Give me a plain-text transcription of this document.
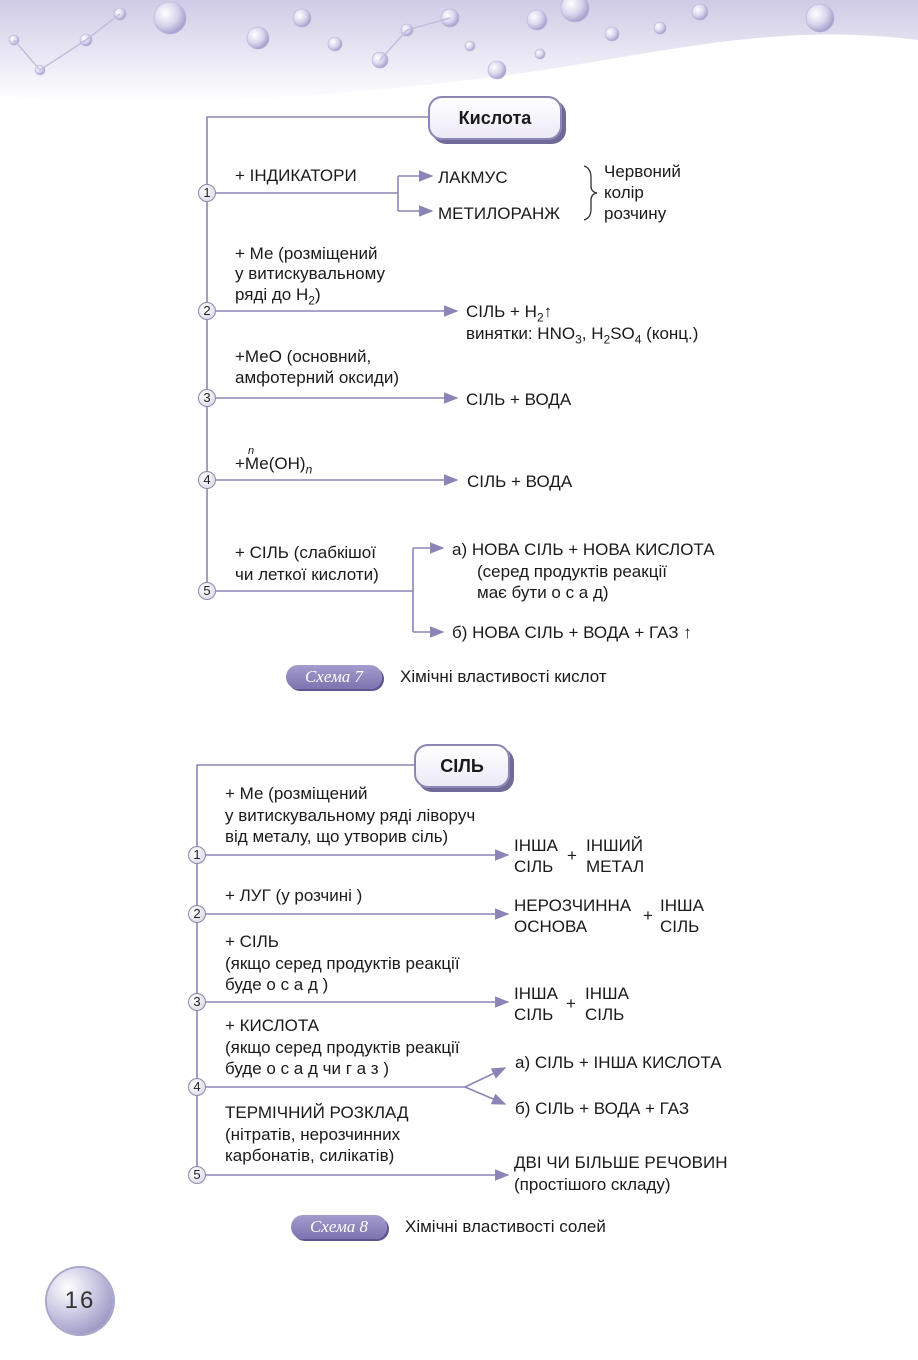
Кислота
1
+ ІНДИКАТОРИ	ЛАКМУС
МЕТИЛОРАНЖ
Червоний
колір
розчину
2
+ Ме (розміщений
у витискувальному
ряді до $H_2$)
СІЛЬ + $H_2↑$
винятки: $HNO_3$, $H_2SO_4$ (конц.)
3
+МеО (основний,
амфотерний оксиди)
СІЛЬ + ВОДА
4
n
$+Ме(ОН)_n$
СІЛЬ + ВОДА
5
+ СІЛЬ (слабкішої
чи леткої кислоти)
а) НОВА СІЛЬ + НОВА КИСЛОТА
(серед продуктів реакції
має бути о с а д)
б) НОВА СІЛЬ + ВОДА + ГАЗ ↑
Схема 7	Хімічні властивості кислот
СІЛЬ
1
+ Ме (розміщений
у витискувальному ряді ліворуч
від металу, що утворив сіль)	ІНША
СІЛЬ
+
ІНШИЙ
МЕТАЛ
2
+ ЛУГ (у розчині )
НЕРОЗЧИННА
ОСНОВА
+
ІНША
СІЛЬ
3
+ СІЛЬ
(якщо серед продуктів реакції
буде о с а д )	ІНША
СІЛЬ
+
ІНША
СІЛЬ
4
+ КИСЛОТА
(якщо серед продуктів реакції
буде о с а д чи г а з )	а) СІЛЬ + ІНША КИСЛОТА
б) СІЛЬ + ВОДА + ГАЗ
5
ТЕРМІЧНИЙ РОЗКЛАД
(нітратів, нерозчинних
карбонатів, силікатів)	ДВІ ЧИ БІЛЬШЕ РЕЧОВИН
(простішого складу)
Схема 8	Хімічні властивості солей
16
